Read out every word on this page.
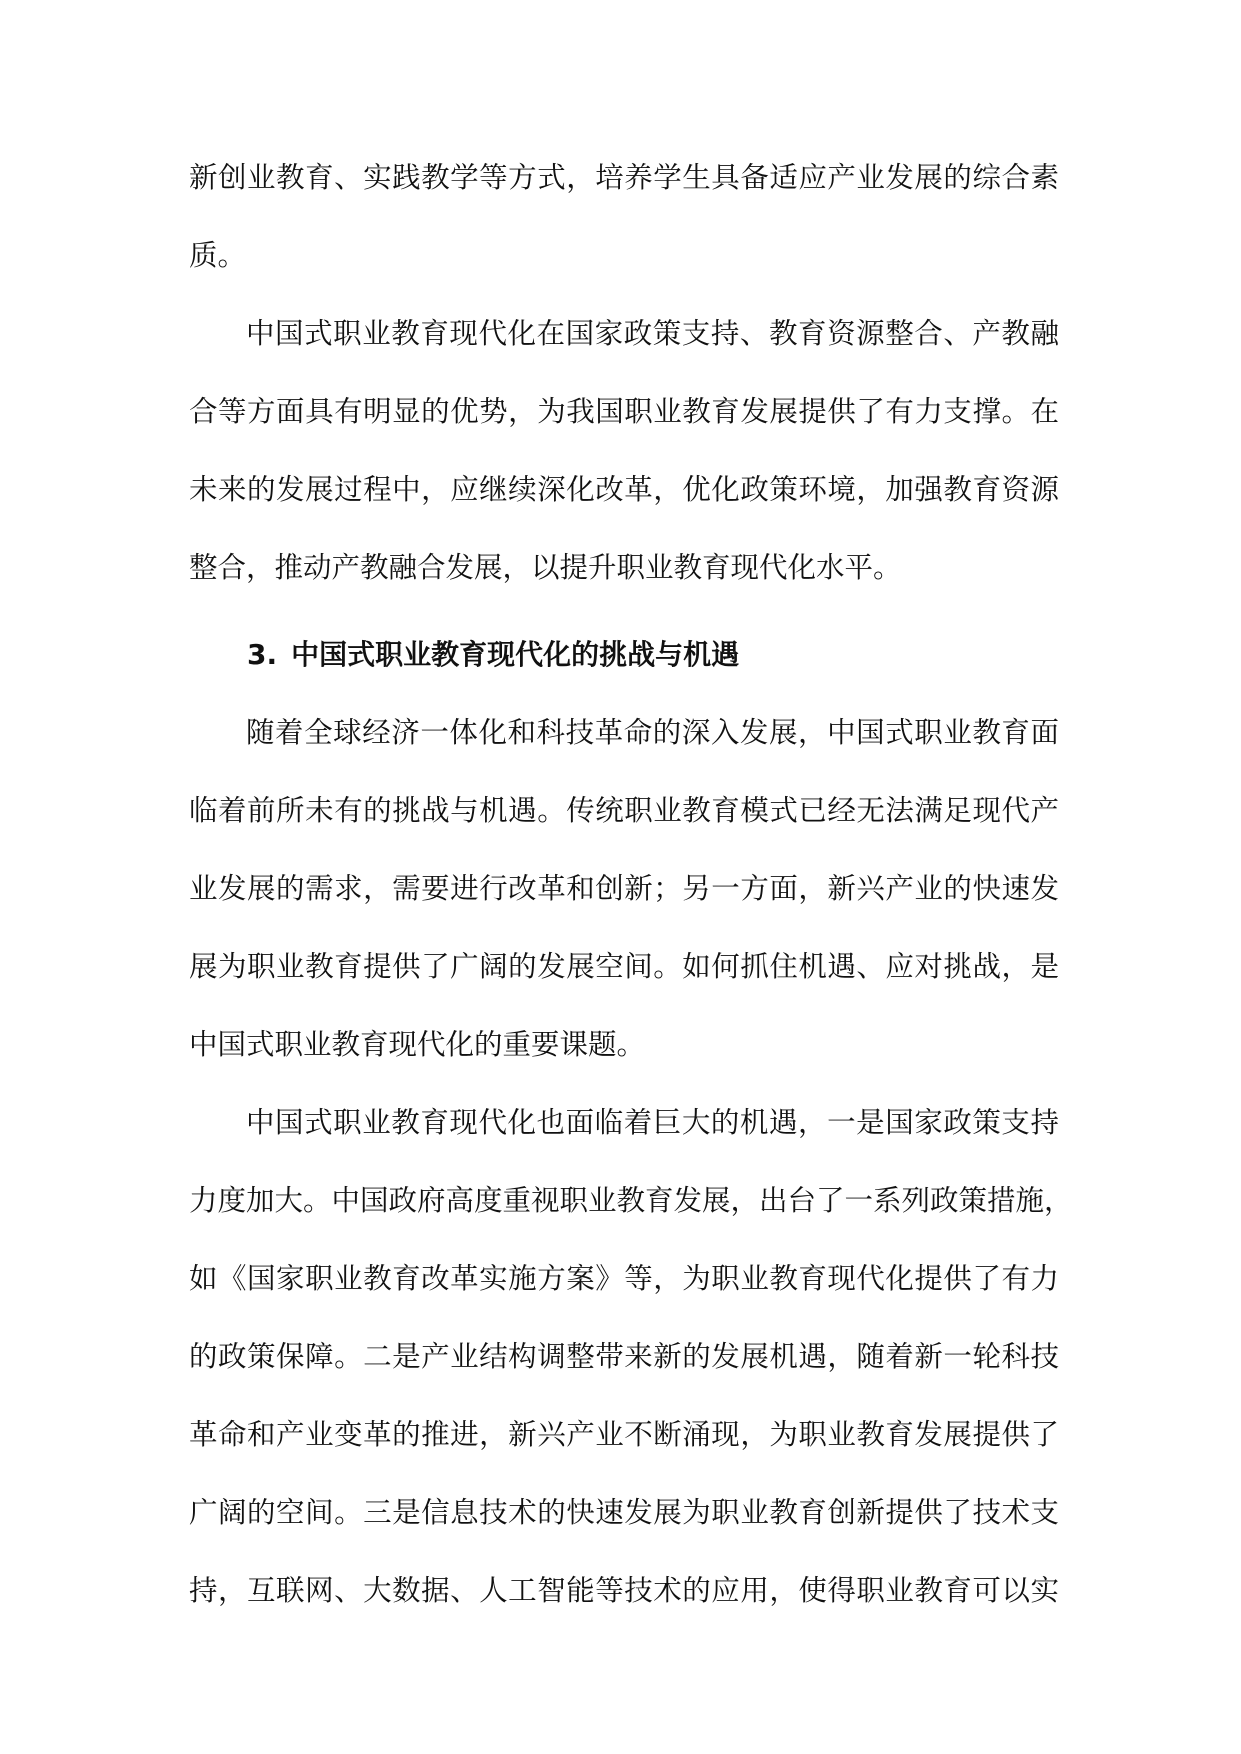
新创业教育、实践教学等方式，培养学生具备适应产业发展的综合素
质。
中国式职业教育现代化在国家政策支持、教育资源整合、产教融
合等方面具有明显的优势，为我国职业教育发展提供了有力支撑。在
未来的发展过程中，应继续深化改革，优化政策环境，加强教育资源
整合，推动产教融合发展，以提升职业教育现代化水平。
3. 中国式职业教育现代化的挑战与机遇
随着全球经济一体化和科技革命的深入发展，中国式职业教育面
临着前所未有的挑战与机遇。传统职业教育模式已经无法满足现代产
业发展的需求，需要进行改革和创新；另一方面，新兴产业的快速发
展为职业教育提供了广阔的发展空间。如何抓住机遇、应对挑战，是
中国式职业教育现代化的重要课题。
中国式职业教育现代化也面临着巨大的机遇，一是国家政策支持
力度加大。中国政府高度重视职业教育发展，出台了一系列政策措施，
如《国家职业教育改革实施方案》等，为职业教育现代化提供了有力
的政策保障。二是产业结构调整带来新的发展机遇，随着新一轮科技
革命和产业变革的推进，新兴产业不断涌现，为职业教育发展提供了
广阔的空间。三是信息技术的快速发展为职业教育创新提供了技术支
持，互联网、大数据、人工智能等技术的应用，使得职业教育可以实
